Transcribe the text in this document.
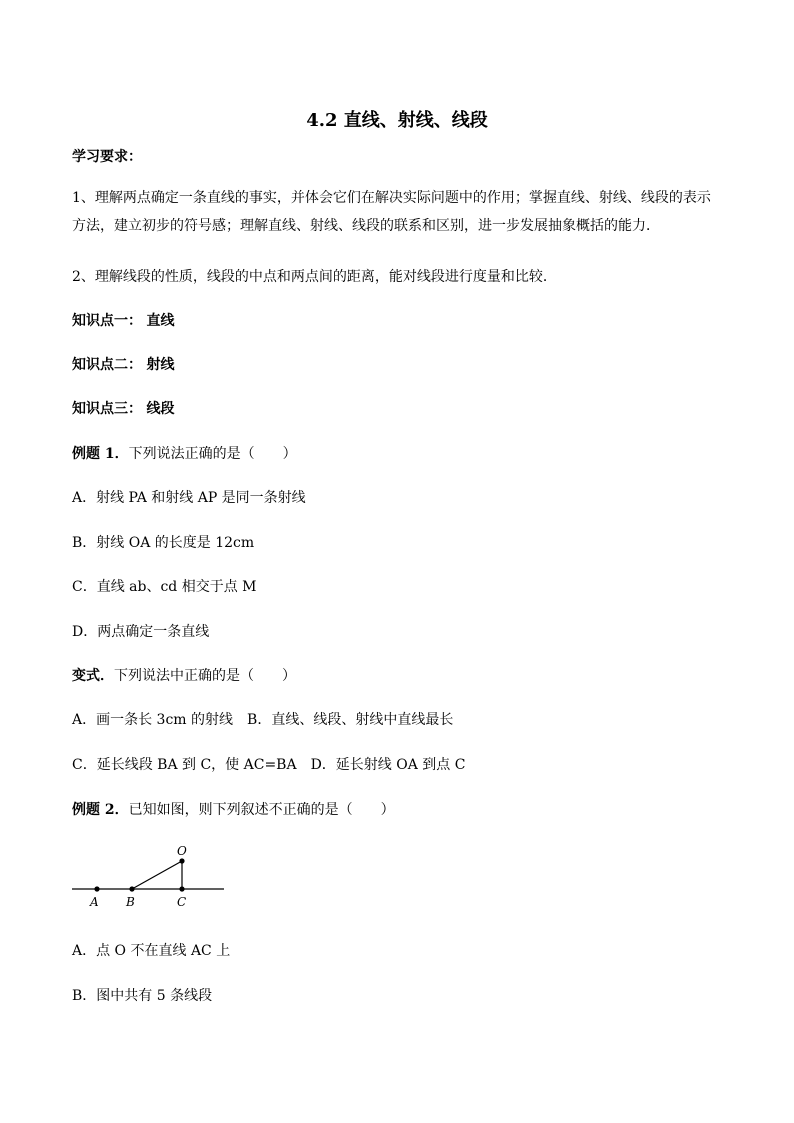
4.2 直线、射线、线段
学习要求：
1、理解两点确定一条直线的事实，并体会它们在解决实际问题中的作用；掌握直线、射线、线段的表示方法，建立初步的符号感；理解直线、射线、线段的联系和区别，进一步发展抽象概括的能力．
2、理解线段的性质，线段的中点和两点间的距离，能对线段进行度量和比较．
知识点一： 直线
知识点二： 射线
知识点三： 线段
例题 1．下列说法正确的是（　　）
A．射线 PA 和射线 AP 是同一条射线
B．射线 OA 的长度是 12cm
C．直线 ab、cd 相交于点 M
D．两点确定一条直线
变式．下列说法中正确的是（　　）
A．画一条长 3cm 的射线　B．直线、线段、射线中直线最长
C．延长线段 BA 到 C，使 AC=BA　D．延长射线 OA 到点 C
例题 2．已知如图，则下列叙述不正确的是（　　）
A B	C
O
A．点 O 不在直线 AC 上
B．图中共有 5 条线段
